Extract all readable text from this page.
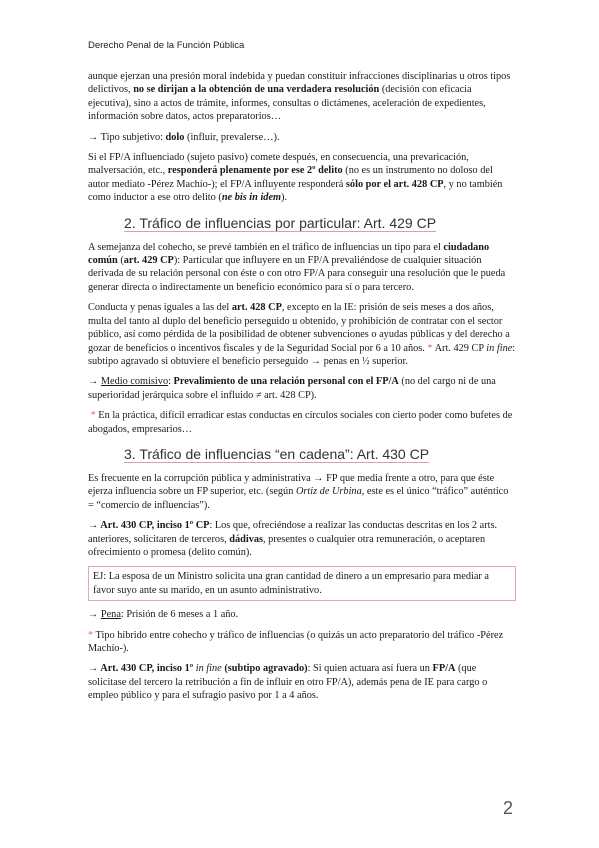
Derecho Penal de la Función Pública

aunque ejerzan una presión moral indebida y puedan constituir infracciones disciplinarias u otros tipos delictivos, no se dirijan a la obtención de una verdadera resolución (decisión con eficacia ejecutiva), sino a actos de trámite, informes, consultas o dictámenes, aceleración de expedientes, información sobre datos, actos preparatorios…

→ Tipo subjetivo: dolo (influir, prevalerse…).

Si el FP/A influenciado (sujeto pasivo) comete después, en consecuencia, una prevaricación, malversación, etc., responderá plenamente por ese 2º delito (no es un instrumento no doloso del autor mediato -Pérez Machío-); el FP/A influyente responderá sólo por el art. 428 CP, y no también como inductor a ese otro delito (ne bis in idem).

2. Tráfico de influencias por particular: Art. 429 CP

A semejanza del cohecho, se prevé también en el tráfico de influencias un tipo para el ciudadano común (art. 429 CP): Particular que influyere en un FP/A prevaliéndose de cualquier situación derivada de su relación personal con éste o con otro FP/A para conseguir una resolución que le pueda generar directa o indirectamente un beneficio económico para sí o para tercero.

Conducta y penas iguales a las del art. 428 CP, excepto en la IE: prisión de seis meses a dos años, multa del tanto al duplo del beneficio perseguido u obtenido, y prohibición de contratar con el sector público, así como pérdida de la posibilidad de obtener subvenciones o ayudas públicas y del derecho a gozar de beneficios o incentivos fiscales y de la Seguridad Social por 6 a 10 años. * Art. 429 CP in fine: subtipo agravado si obtuviere el beneficio perseguido → penas en ½ superior.

→ Medio comisivo: Prevalimiento de una relación personal con el FP/A (no del cargo ni de una superioridad jerárquica sobre el influido ≠ art. 428 CP).

* En la práctica, difícil erradicar estas conductas en círculos sociales con cierto poder como bufetes de abogados, empresarios…

3. Tráfico de influencias “en cadena”: Art. 430 CP

Es frecuente en la corrupción pública y administrativa → FP que media frente a otro, para que éste ejerza influencia sobre un FP superior, etc. (según Ortiz de Urbina, este es el único “tráfico” auténtico = “comercio de influencias”).

→ Art. 430 CP, inciso 1º CP: Los que, ofreciéndose a realizar las conductas descritas en los 2 arts. anteriores, solicitaren de terceros, dádivas, presentes o cualquier otra remuneración, o aceptaren ofrecimiento o promesa (delito común).

EJ: La esposa de un Ministro solicita una gran cantidad de dinero a un empresario para mediar a favor suyo ante su marido, en un asunto administrativo.

→ Pena: Prisión de 6 meses a 1 año.

* Tipo híbrido entre cohecho y tráfico de influencias (o quizás un acto preparatorio del tráfico -Pérez Machío-).

→ Art. 430 CP, inciso 1º in fine (subtipo agravado): Si quien actuara así fuera un FP/A (que solicitase del tercero la retribución a fin de influir en otro FP/A), además pena de IE para cargo o empleo público y para el sufragio pasivo por 1 a 4 años.

2
